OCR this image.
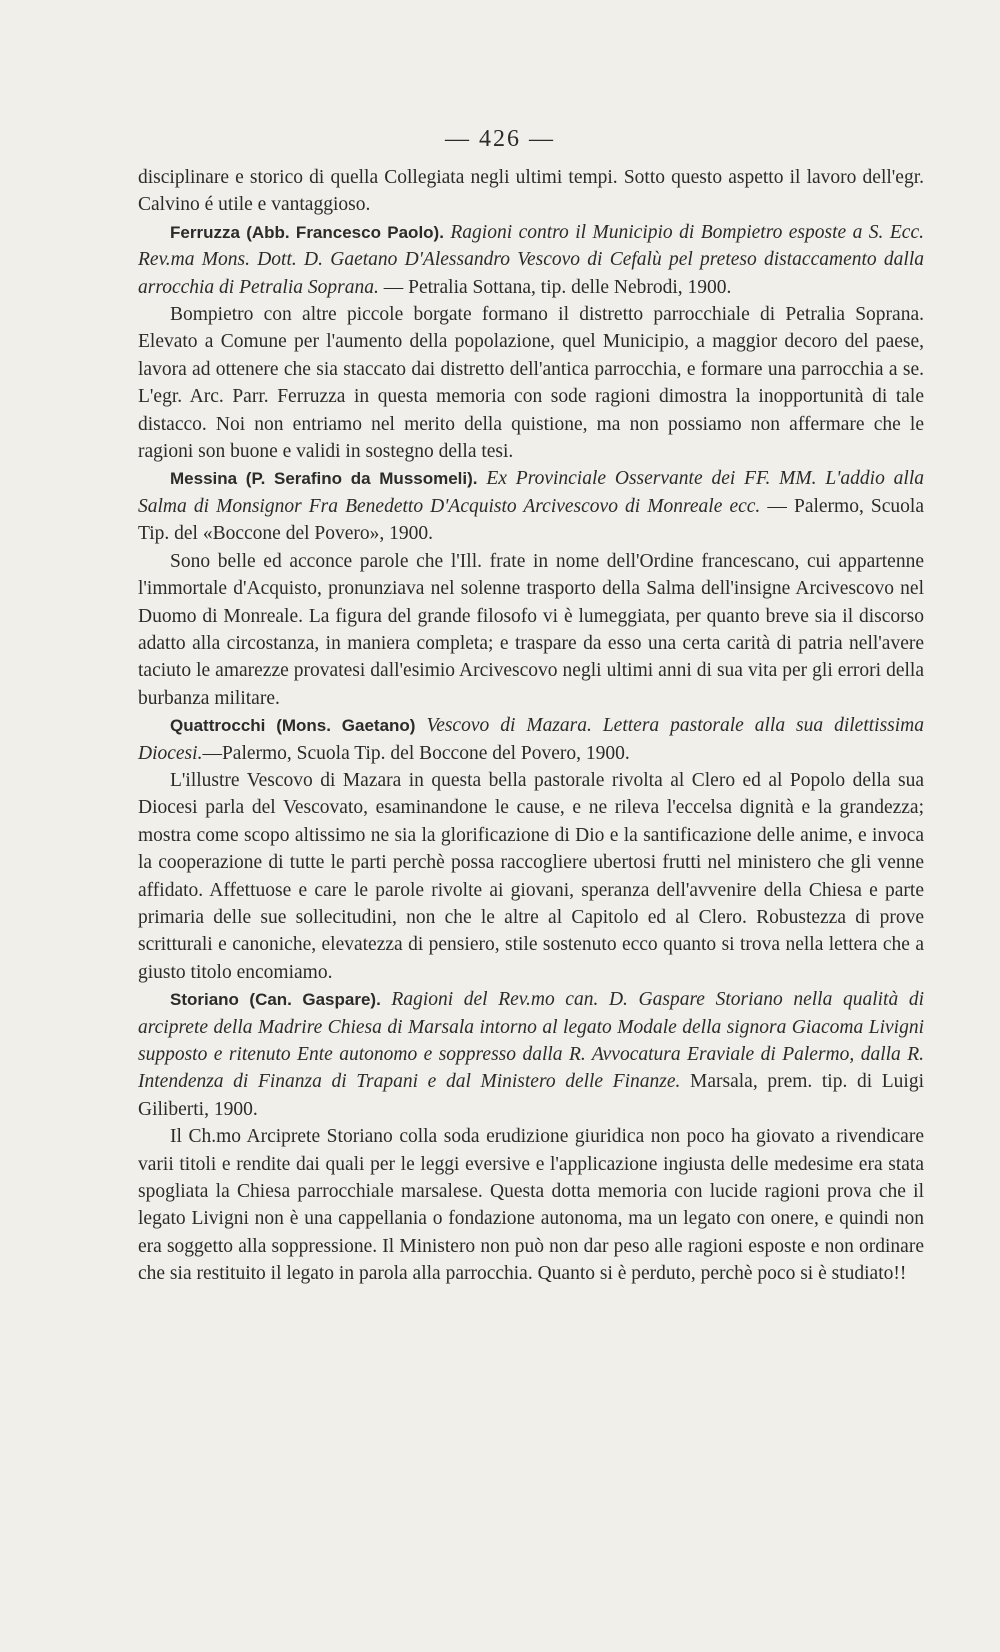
— 426 —

disciplinare e storico di quella Collegiata negli ultimi tempi. Sotto questo aspetto il lavoro dell'egr. Calvino é utile e vantaggioso.

Ferruzza (Abb. Francesco Paolo). Ragioni contro il Municipio di Bompietro esposte a S. Ecc. Rev.ma Mons. Dott. D. Gaetano D'Alessandro Vescovo di Cefalù pel preteso distaccamento dalla arrocchia di Petralia Soprana. — Petralia Sottana, tip. delle Nebrodi, 1900.

Bompietro con altre piccole borgate formano il distretto parrocchiale di Petralia Soprana. Elevato a Comune per l'aumento della popolazione, quel Municipio, a maggior decoro del paese, lavora ad ottenere che sia staccato dai distretto dell'antica parrocchia, e formare una parrocchia a se. L'egr. Arc. Parr. Ferruzza in questa memoria con sode ragioni dimostra la inopportunità di tale distacco. Noi non entriamo nel merito della quistione, ma non possiamo non affermare che le ragioni son buone e validi in sostegno della tesi.

Messina (P. Serafino da Mussomeli). Ex Provinciale Osservante dei FF. MM. L'addio alla Salma di Monsignor Fra Benedetto D'Acquisto Arcivescovo di Monreale ecc. — Palermo, Scuola Tip. del «Boccone del Povero», 1900.

Sono belle ed acconce parole che l'Ill. frate in nome dell'Ordine francescano, cui appartenne l'immortale d'Acquisto, pronunziava nel solenne trasporto della Salma dell'insigne Arcivescovo nel Duomo di Monreale. La figura del grande filosofo vi è lumeggiata, per quanto breve sia il discorso adatto alla circostanza, in maniera completa; e traspare da esso una certa carità di patria nell'avere taciuto le amarezze provatesi dall'esimio Arcivescovo negli ultimi anni di sua vita per gli errori della burbanza militare.

Quattrocchi (Mons. Gaetano) Vescovo di Mazara. Lettera pastorale alla sua dilettissima Diocesi.—Palermo, Scuola Tip. del Boccone del Povero, 1900.

L'illustre Vescovo di Mazara in questa bella pastorale rivolta al Clero ed al Popolo della sua Diocesi parla del Vescovato, esaminandone le cause, e ne rileva l'eccelsa dignità e la grandezza; mostra come scopo altissimo ne sia la glorificazione di Dio e la santificazione delle anime, e invoca la cooperazione di tutte le parti perchè possa raccogliere ubertosi frutti nel ministero che gli venne affidato. Affettuose e care le parole rivolte ai giovani, speranza dell'avvenire della Chiesa e parte primaria delle sue sollecitudini, non che le altre al Capitolo ed al Clero. Robustezza di prove scritturali e canoniche, elevatezza di pensiero, stile sostenuto ecco quanto si trova nella lettera che a giusto titolo encomiamo.

Storiano (Can. Gaspare). Ragioni del Rev.mo can. D. Gaspare Storiano nella qualità di arciprete della Madrire Chiesa di Marsala intorno al legato Modale della signora Giacoma Livigni supposto e ritenuto Ente autonomo e soppresso dalla R. Avvocatura Eraviale di Palermo, dalla R. Intendenza di Finanza di Trapani e dal Ministero delle Finanze. Marsala, prem. tip. di Luigi Giliberti, 1900.

Il Ch.mo Arciprete Storiano colla soda erudizione giuridica non poco ha giovato a rivendicare varii titoli e rendite dai quali per le leggi eversive e l'applicazione ingiusta delle medesime era stata spogliata la Chiesa parrocchiale marsalese. Questa dotta memoria con lucide ragioni prova che il legato Livigni non è una cappellania o fondazione autonoma, ma un legato con onere, e quindi non era soggetto alla soppressione. Il Ministero non può non dar peso alle ragioni esposte e non ordinare che sia restituito il legato in parola alla parrocchia. Quanto si è perduto, perchè poco si è studiato!!
